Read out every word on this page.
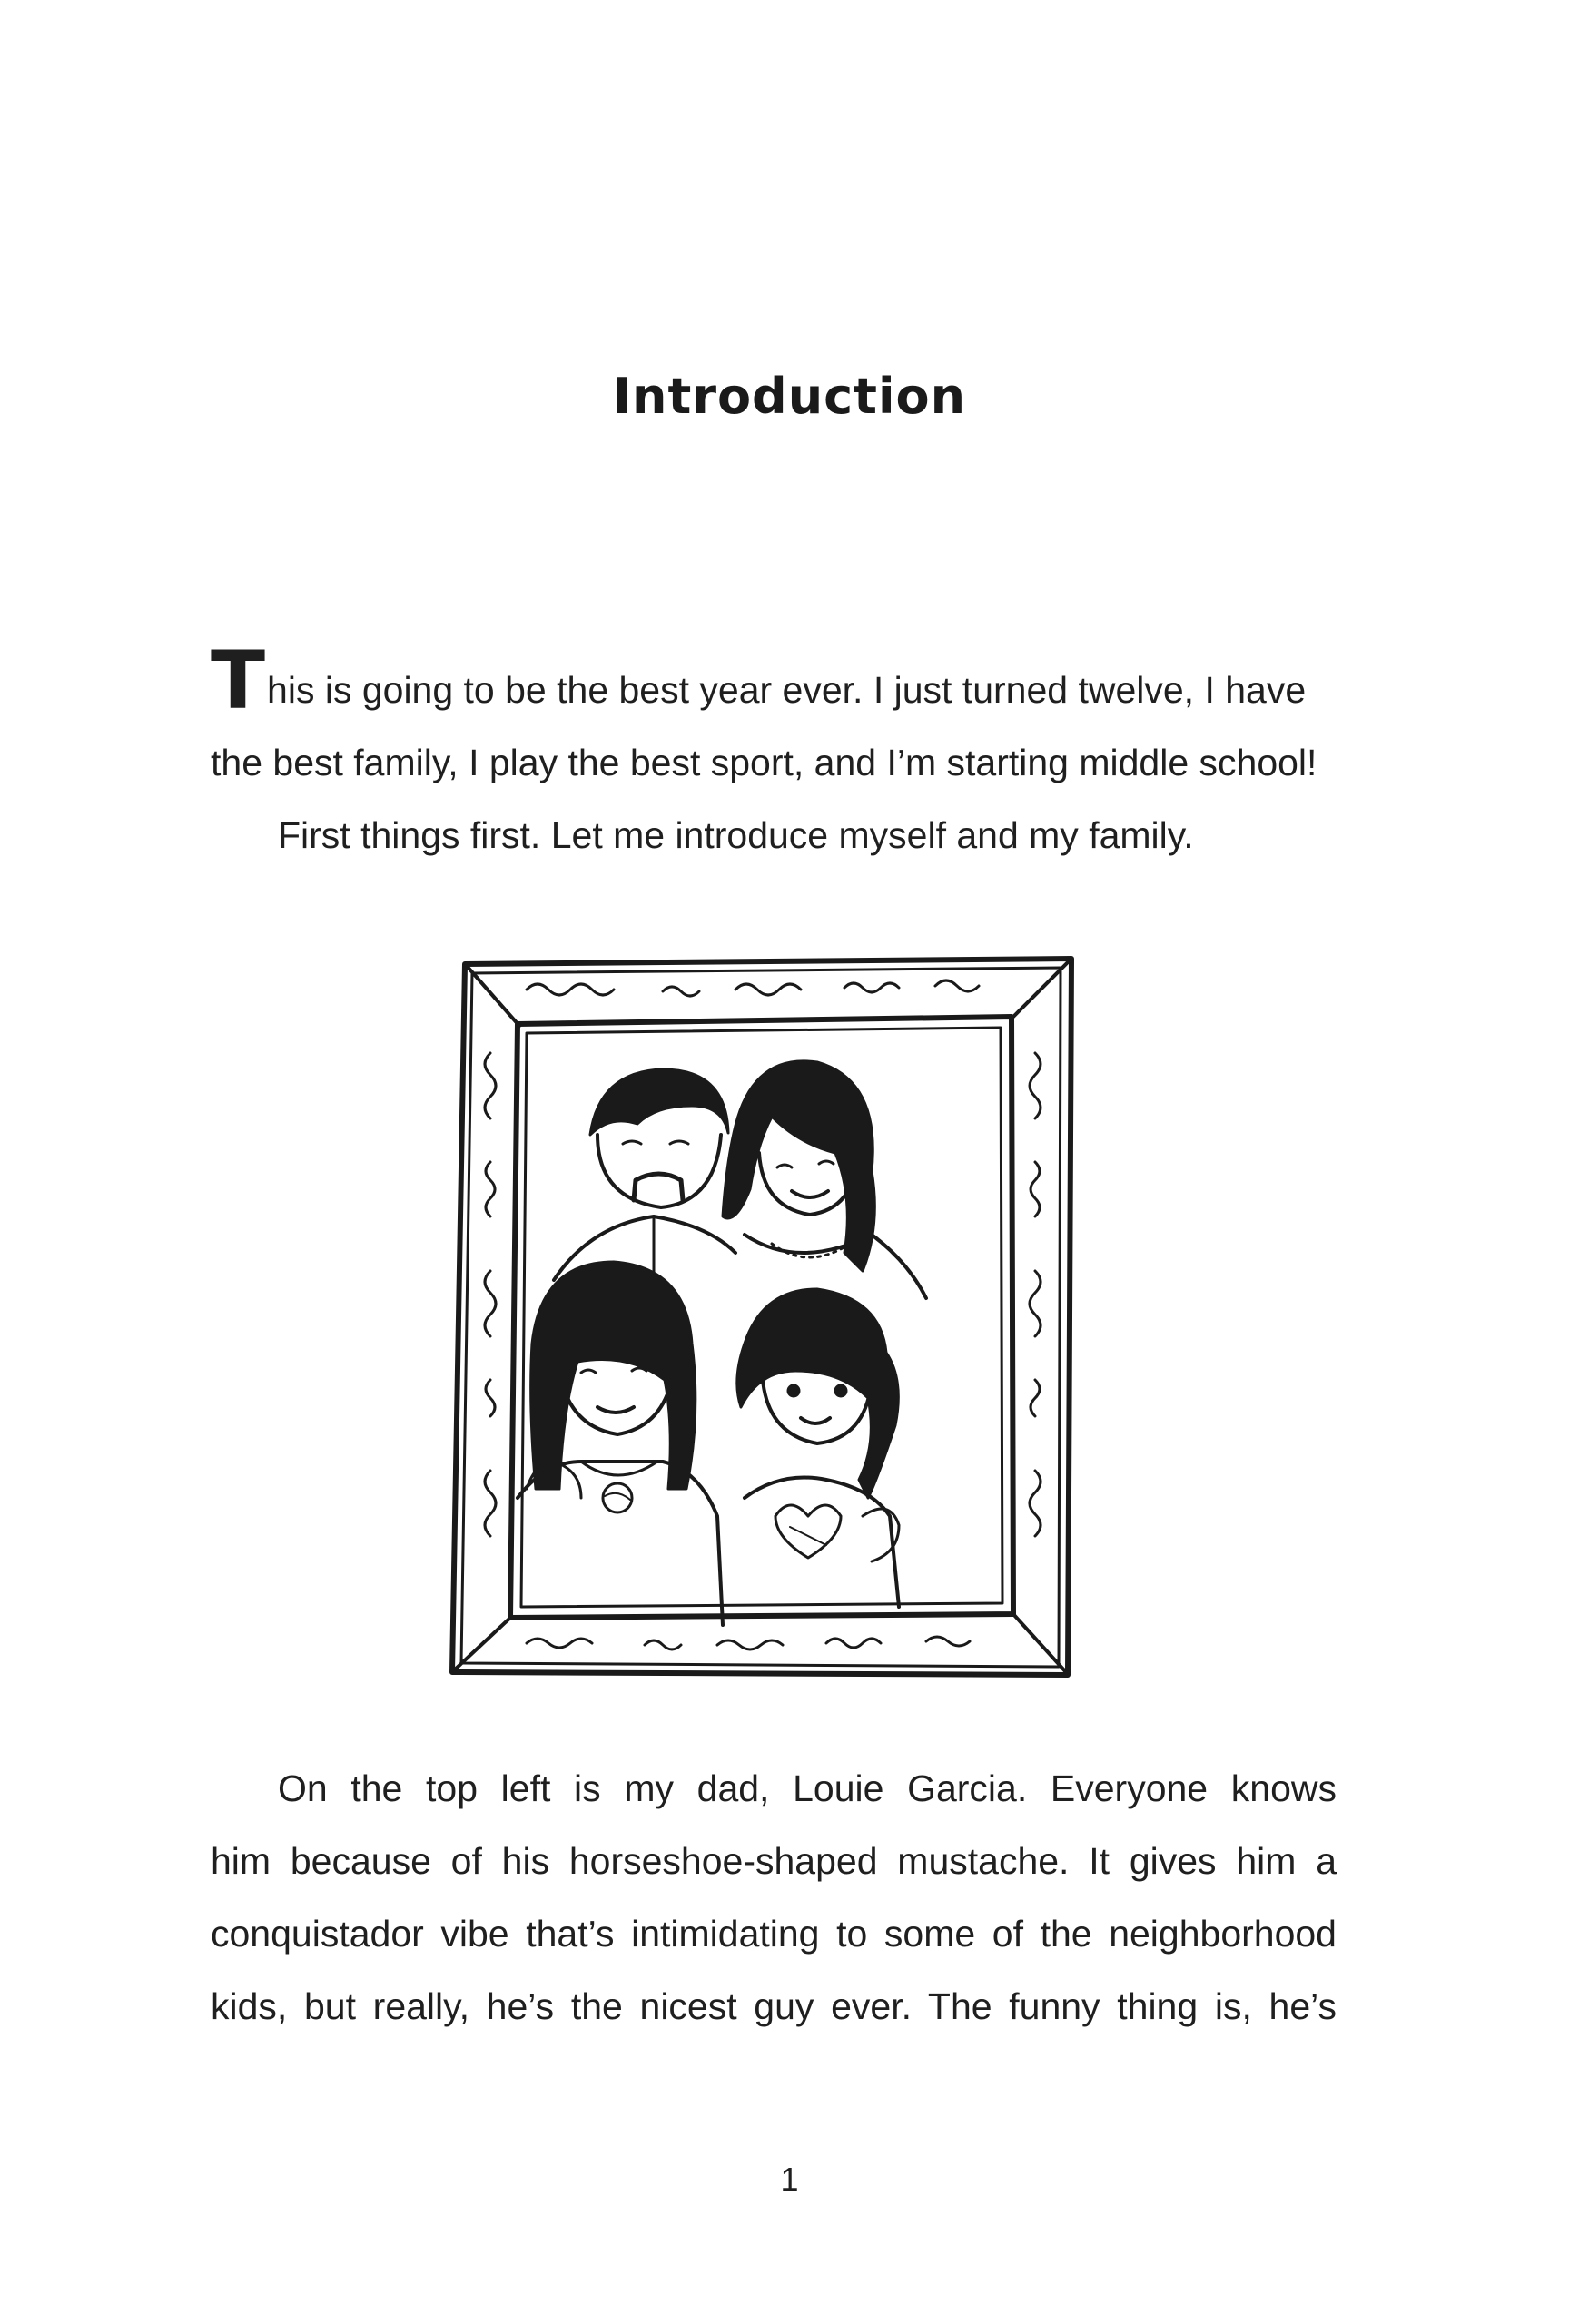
Introduction

This is going to be the best year ever. I just turned twelve, I have
the best family, I play the best sport, and I’m starting middle school!

First things first. Let me introduce myself and my family.

On the top left is my dad, Louie Garcia. Everyone knows
him because of his horseshoe-shaped mustache. It gives him a
conquistador vibe that’s intimidating to some of the neighborhood
kids, but really, he’s the nicest guy ever. The funny thing is, he’s
1
